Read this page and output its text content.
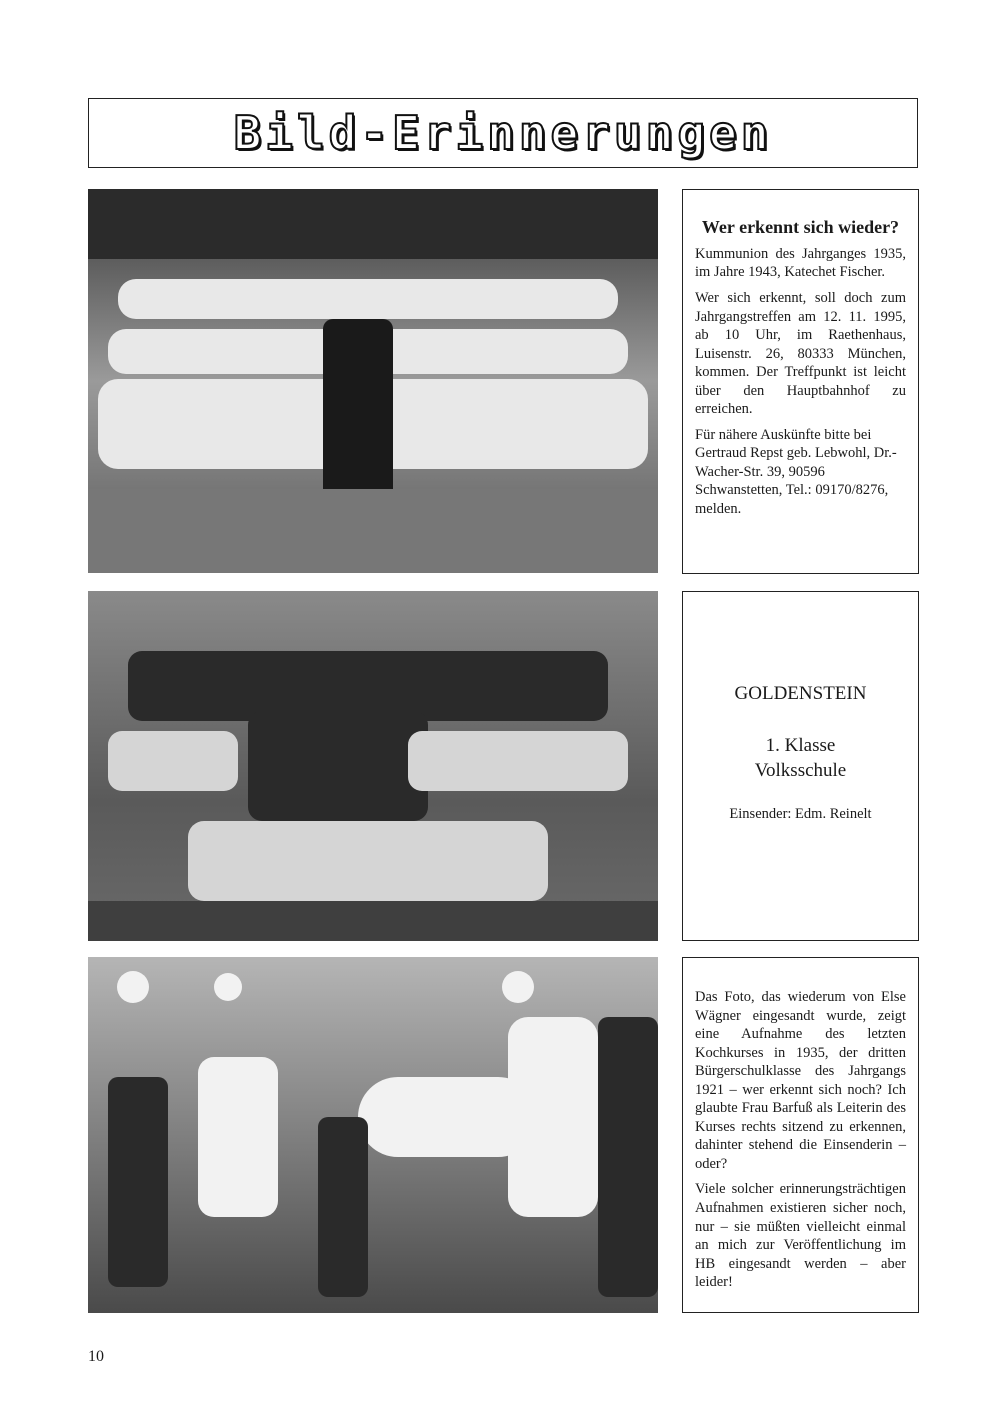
Bild-Erinnerungen
Wer erkennt sich wieder?

Kummunion des Jahrganges 1935, im Jahre 1943, Katechet Fischer.

Wer sich erkennt, soll doch zum Jahrgangstreffen am 12. 11. 1995, ab 10 Uhr, im Raethenhaus, Luisenstr. 26, 80333 München, kommen. Der Treffpunkt ist leicht über den Hauptbahnhof zu erreichen.

Für nähere Auskünfte bitte bei Gertraud Repst geb. Lebwohl, Dr.-Wacher-Str. 39, 90596 Schwanstetten, Tel.: 09170/8276, melden.

GOLDENSTEIN
1. Klasse
Volksschule
Einsender: Edm. Reinelt

Das Foto, das wiederum von Else Wägner eingesandt wurde, zeigt eine Aufnahme des letzten Kochkurses in 1935, der dritten Bürgerschulklasse des Jahrgangs 1921 – wer erkennt sich noch? Ich glaubte Frau Barfuß als Leiterin des Kurses rechts sitzend zu erkennen, dahinter stehend die Einsenderin – oder?

Viele solcher erinnerungsträchtigen Aufnahmen existieren sicher noch, nur – sie müßten vielleicht einmal an mich zur Veröffentlichung im HB eingesandt werden – aber leider!

10
